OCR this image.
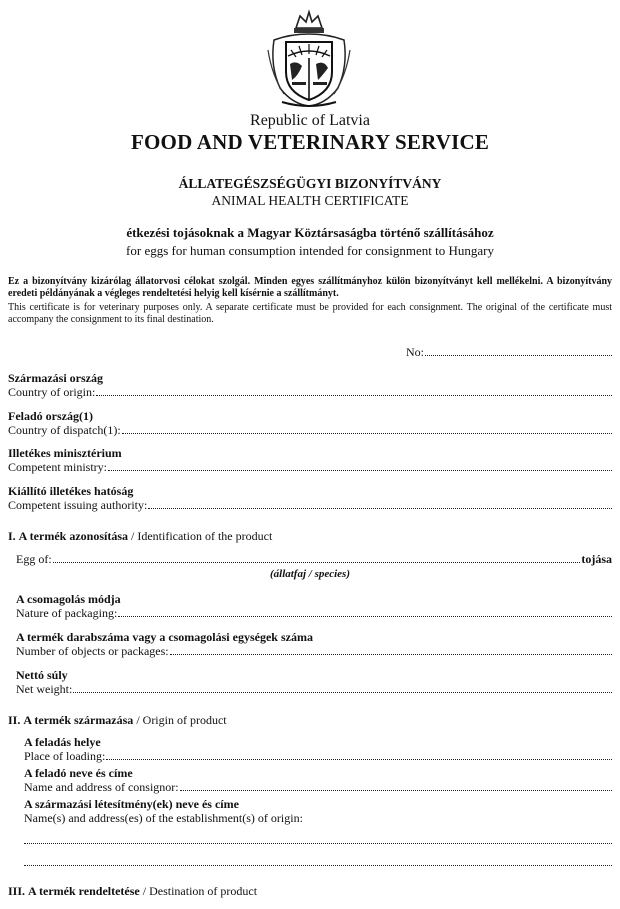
Republic of Latvia
FOOD AND VETERINARY SERVICE
ÁLLATEGÉSZSÉGÜGYI BIZONYÍTVÁNY
ANIMAL HEALTH CERTIFICATE
étkezési tojásoknak a Magyar Köztársaságba történő szállításához
for eggs for human consumption intended for consignment to Hungary
Ez a bizonyítvány kizárólag állatorvosi célokat szolgál. Minden egyes szállítmányhoz külön bizonyítványt kell mellékelni. A bizonyítvány eredeti példányának a végleges rendeltetési helyig kell kísérnie a szállítmányt.
This certificate is for veterinary purposes only. A separate certificate must be provided for each consignment. The original of the certificate must accompany the consignment to its final destination.
No:
Származási ország
Country of origin:
Feladó ország(1)
Country of dispatch(1):
Illetékes minisztérium
Competent ministry:
Kiállító illetékes hatóság
Competent issuing authority:
I. A termék azonosítása / Identification of the product
Egg of:	tojása
(állatfaj / species)
A csomagolás módja
Nature of packaging:
A termék darabszáma vagy a csomagolási egységek száma
Number of objects or packages:
Nettó súly
Net weight:
II. A termék származása / Origin of product
A feladás helye
Place of loading:
A feladó neve és címe
Name and address of consignor:
A származási létesítmény(ek) neve és címe
Name(s) and address(es) of the establishment(s) of origin:
III. A termék rendeltetése / Destination of product
